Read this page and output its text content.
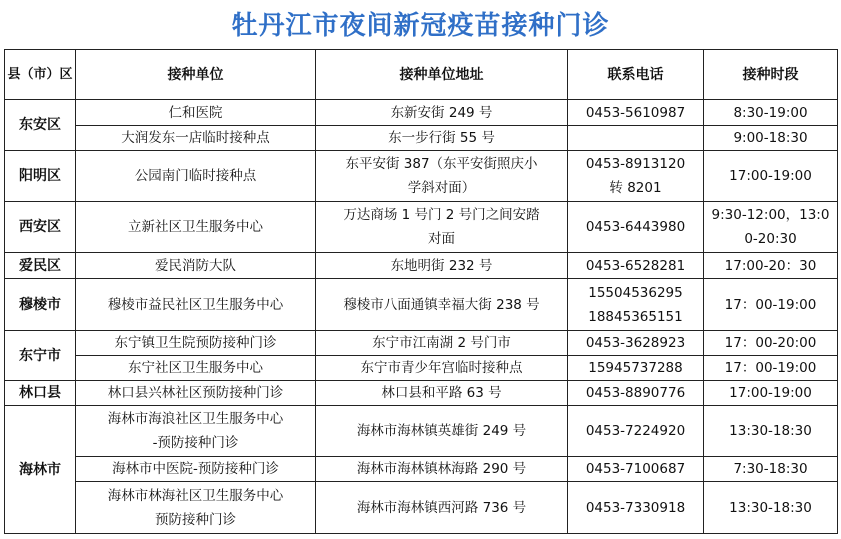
牡丹江市夜间新冠疫苗接种门诊
县（市）区	接种单位	接种单位地址	联系电话	接种时段
东安区	仁和医院	东新安街 249 号	0453-5610987	8:30-19:00

	大润发东一店临时接种点	东一步行街 55 号		9:00-18:30

阳明区	公园南门临时接种点	东平安街 387（东平安街照庆小
学斜对面）	0453-8913120
转 8201	17:00-19:00

西安区	立新社区卫生服务中心	万达商场 1 号门 2 号门之间安踏
对面	0453-6443980	9:30-12:00，13:0
0-20:30

爱民区	爱民消防大队	东地明街 232 号	0453-6528281	17:00-20：30

穆棱市	穆棱市益民社区卫生服务中心	穆棱市八面通镇幸福大街 238 号	15504536295
18845365151	17：00-19:00

东宁市	东宁镇卫生院预防接种门诊	东宁市江南湖 2 号门市	0453-3628923	17：00-20:00

	东宁社区卫生服务中心	东宁市青少年宫临时接种点	15945737288	17：00-19:00

林口县	林口县兴林社区预防接种门诊	林口县和平路 63 号	0453-8890776	17:00-19:00

海林市	海林市海浪社区卫生服务中心
-预防接种门诊	海林市海林镇英雄街 249 号	0453-7224920	13:30-18:30

	海林市中医院-预防接种门诊	海林市海林镇林海路 290 号	0453-7100687	7:30-18:30

	海林市林海社区卫生服务中心
预防接种门诊	海林市海林镇西河路 736 号	0453-7330918	13:30-18:30
